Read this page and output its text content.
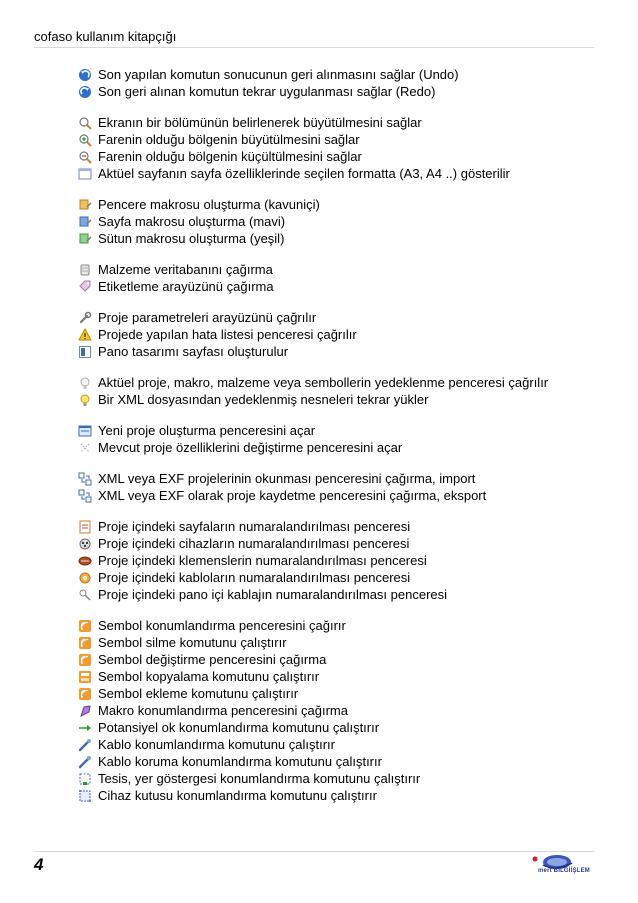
cofaso kullanım kitapçığı
Son yapılan komutun sonucunun geri alınmasını sağlar (Undo)
Son geri alınan komutun tekrar uygulanması sağlar (Redo)
Ekranın bir bölümünün belirlenerek büyütülmesini sağlar
Farenin olduğu bölgenin büyütülmesini sağlar
Farenin olduğu bölgenin küçültülmesini sağlar
Aktüel sayfanın sayfa özelliklerinde seçilen formatta (A3, A4 ..) gösterilir
Pencere makrosu oluşturma (kavuniçi)
Sayfa makrosu oluşturma (mavi)
Sütun makrosu oluşturma (yeşil)
Malzeme veritabanını çağırma
Etiketleme arayüzünü çağırma
Proje parametreleri arayüzünü çağrılır
Projede yapılan hata listesi penceresi çağrılır
Pano tasarımı sayfası oluşturulur
Aktüel proje, makro, malzeme veya sembollerin yedeklenme penceresi çağrılır
Bir XML dosyasından yedeklenmiş nesneleri tekrar yükler
Yeni proje oluşturma penceresini açar
Mevcut proje özelliklerini değiştirme penceresini açar
XML veya EXF projelerinin okunması penceresini çağırma, import
XML veya EXF olarak proje kaydetme penceresini çağırma, eksport
Proje içindeki sayfaların numaralandırılması penceresi
Proje içindeki cihazların numaralandırılması penceresi
Proje içindeki klemenslerin numaralandırılması penceresi
Proje içindeki kabloların numaralandırılması penceresi
Proje içindeki pano içi kablajın numaralandırılması penceresi
Sembol konumlandırma penceresini çağırır
Sembol silme komutunu çalıştırır
Sembol değiştirme penceresini çağırma
Sembol kopyalama komutunu çalıştırır
Sembol ekleme komutunu çalıştırır
Makro konumlandırma penceresini çağırma
Potansiyel ok konumlandırma komutunu çalıştırır
Kablo konumlandırma komutunu çalıştırır
Kablo koruma konumlandırma komutunu çalıştırır
Tesis, yer göstergesi konumlandırma komutunu çalıştırır
Cihaz kutusu konumlandırma komutunu çalıştırır
4	mert BİLGİİŞLEM
